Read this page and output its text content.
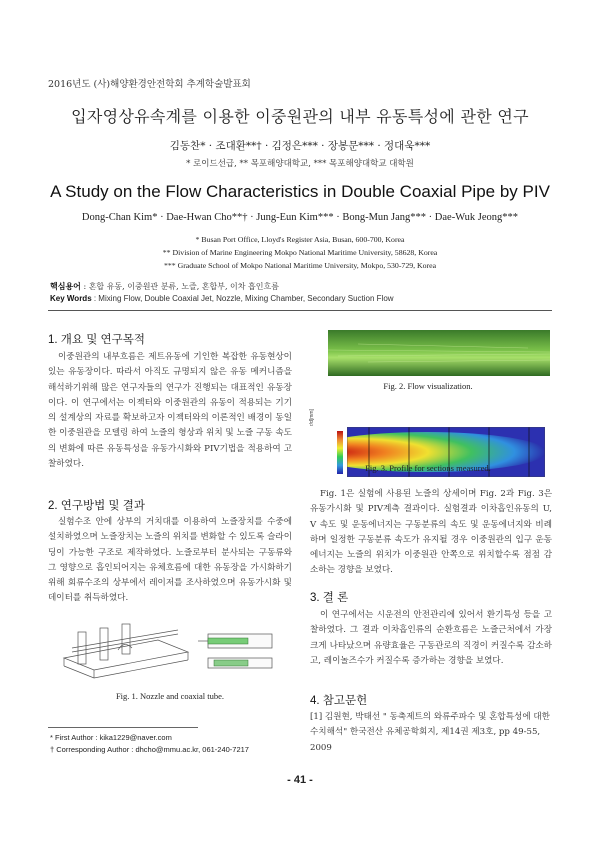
2016년도 (사)해양환경안전학회 추계학술발표회
입자영상유속계를 이용한 이중원관의 내부 유동특성에 관한 연구
김동찬* · 조대환**† · 김정은*** · 장봉문*** · 정대욱***
* 로이드선급, ** 목포해양대학교, *** 목포해양대학교 대학원
A Study on the Flow Characteristics in Double Coaxial Pipe by PIV
Dong-Chan Kim* · Dae-Hwan Cho**† · Jung-Eun Kim*** · Bong-Mun Jang*** · Dae-Wuk Jeong***
* Busan Port Office, Lloyd's Register Asia, Busan, 600-700, Korea
** Division of Marine Engineering Mokpo National Maritime University, 58628, Korea
*** Graduate School of Mokpo National Maritime University, Mokpo, 530-729, Korea
핵심용어 : 혼합 유동, 이중원관 분류, 노즐, 혼합부, 이차 흡인흐름
Key Words : Mixing Flow, Double Coaxial Jet, Nozzle, Mixing Chamber, Secondary Suction Flow
1. 개요 및 연구목적

이중원관의 내부흐름은 제트유동에 기인한 복잡한 유동현상이 있는 유동장이다. 따라서 아직도 규명되지 않은 유동 메커니즘을 해석하기위해 많은 연구자들의 연구가 진행되는 대표적인 유동장이다. 이 연구에서는 이젝터와 이중원관의 유동이 적용되는 기기의 설계상의 자료를 확보하고자 이젝터와의 이론적인 배경이 동일한 이중원관을 모델링 하여 노즐의 형상과 위치 및 노즐 구동 속도의 변화에 따른 유동특성을 유동가시화와 PIV기법을 적용하여 고찰하였다.

2. 연구방법 및 결과

실험수조 안에 상부의 거치대를 이용하여 노즐장치를 수중에 설치하였으며 노즐장치는 노즐의 위치를 변화할 수 있도록 슬라이딩이 가능한 구조로 제작하였다. 노즐로부터 분사되는 구동류와 그 영향으로 흡인되어지는 유체흐름에 대한 유동장을 가시화하기 위해 회류수조의 상부에서 레이저를 조사하였으며 유동가시화 및 데이터를 취득하였다.

Fig. 1. Nozzle and coaxial tube.
* First Author : kika1229@naver.com
† Corresponding Author : dhcho@mmu.ac.kr, 061-240-7217
Fig. 2. Flow visualization.
r/d[mm]
Fig. 3. Profile for sections measured.

Fig. 1은 실험에 사용된 노즐의 상세이며 Fig. 2과 Fig. 3은 유동가시화 및 PIV계측 결과이다. 실험결과 이차흡인유동의 U, V 속도 및 운동에너지는 구동분류의 속도 및 운동에너지와 비례하며 일정한 구동분류 속도가 유지될 경우 이중원관의 입구 운동에너지는 노즐의 위치가 이중원관 안쪽으로 위치할수록 점점 감소하는 경향을 보였다.

3. 결 론

이 연구에서는 시운전의 안전관리에 있어서 환기특성 등을 고찰하였다. 그 결과 이차흡인류의 순환흐름은 노즐근처에서 가장 크게 나타났으며 유량효율은 구동관로의 직경이 커질수록 감소하고, 레이놀즈수가 커질수록 증가하는 경향을 보였다.

4. 참고문헌

[1] 김원현, 박태선 " 동축제트의 와류주파수 및 혼합특성에 대한 수치해석" 한국전산 유체공학회지, 제14권 제3호, pp 49-55, 2009

- 41 -
